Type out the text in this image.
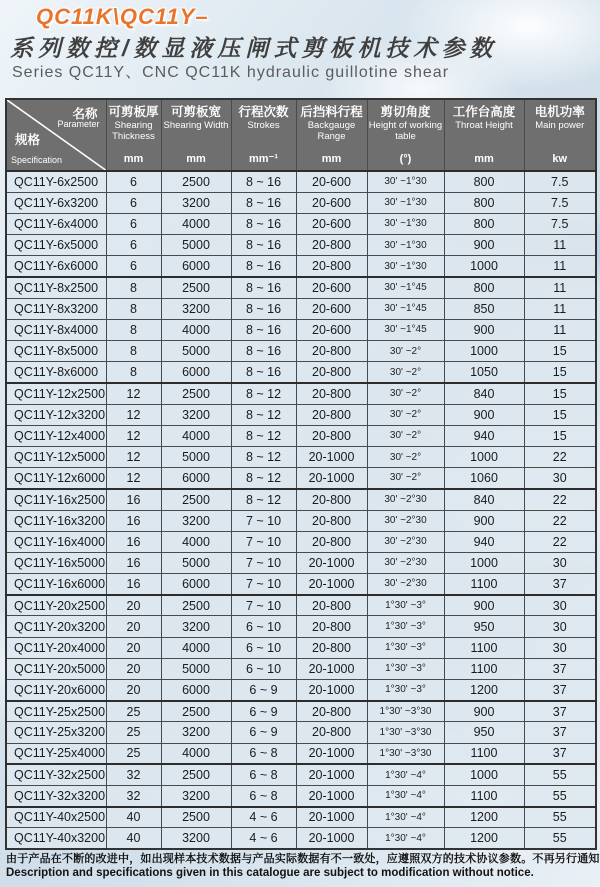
QC11K\QC11Y–
系列数控/数显液压闸式剪板机技术参数
Series QC11Y、CNC QC11K hydraulic guillotine shear
名称
Parameter
规格
Specification

可剪板厚
Shearing Thickness
mm

可剪板宽
Shearing Width
mm

行程次数
Strokes
mm⁻¹

后挡料行程
Backgauge Range
mm

剪切角度
Height of working table
(°)

工作台高度
Throat Height
mm

电机功率
Main power
kw

QC11Y-6x2500	6	2500	8 ~ 16	20-600	30' ~1°30	800	7.5
QC11Y-6x3200	6	3200	8 ~ 16	20-600	30' ~1°30	800	7.5
QC11Y-6x4000	6	4000	8 ~ 16	20-600	30' ~1°30	800	7.5
QC11Y-6x5000	6	5000	8 ~ 16	20-800	30' ~1°30	900	11
QC11Y-6x6000	6	6000	8 ~ 16	20-800	30' ~1°30	1000	11
QC11Y-8x2500	8	2500	8 ~ 16	20-600	30' ~1°45	800	11
QC11Y-8x3200	8	3200	8 ~ 16	20-600	30' ~1°45	850	11
QC11Y-8x4000	8	4000	8 ~ 16	20-600	30' ~1°45	900	11
QC11Y-8x5000	8	5000	8 ~ 16	20-800	30' ~2°	1000	15
QC11Y-8x6000	8	6000	8 ~ 16	20-800	30' ~2°	1050	15
QC11Y-12x2500	12	2500	8 ~ 12	20-800	30' ~2°	840	15
QC11Y-12x3200	12	3200	8 ~ 12	20-800	30' ~2°	900	15
QC11Y-12x4000	12	4000	8 ~ 12	20-800	30' ~2°	940	15
QC11Y-12x5000	12	5000	8 ~ 12	20-1000	30' ~2°	1000	22
QC11Y-12x6000	12	6000	8 ~ 12	20-1000	30' ~2°	1060	30
QC11Y-16x2500	16	2500	8 ~ 12	20-800	30' ~2°30	840	22
QC11Y-16x3200	16	3200	7 ~ 10	20-800	30' ~2°30	900	22
QC11Y-16x4000	16	4000	7 ~ 10	20-800	30' ~2°30	940	22
QC11Y-16x5000	16	5000	7 ~ 10	20-1000	30' ~2°30	1000	30
QC11Y-16x6000	16	6000	7 ~ 10	20-1000	30' ~2°30	1100	37
QC11Y-20x2500	20	2500	7 ~ 10	20-800	1°30' ~3°	900	30
QC11Y-20x3200	20	3200	6 ~ 10	20-800	1°30' ~3°	950	30
QC11Y-20x4000	20	4000	6 ~ 10	20-800	1°30' ~3°	1100	30
QC11Y-20x5000	20	5000	6 ~ 10	20-1000	1°30' ~3°	1100	37
QC11Y-20x6000	20	6000	6 ~ 9	20-1000	1°30' ~3°	1200	37
QC11Y-25x2500	25	2500	6 ~ 9	20-800	1°30' ~3°30	900	37
QC11Y-25x3200	25	3200	6 ~ 9	20-800	1°30' ~3°30	950	37
QC11Y-25x4000	25	4000	6 ~ 8	20-1000	1°30' ~3°30	1100	37
QC11Y-32x2500	32	2500	6 ~ 8	20-1000	1°30' ~4°	1000	55
QC11Y-32x3200	32	3200	6 ~ 8	20-1000	1°30' ~4°	1100	55
QC11Y-40x2500	40	2500	4 ~ 6	20-1000	1°30' ~4°	1200	55
QC11Y-40x3200	40	3200	4 ~ 6	20-1000	1°30' ~4°	1200	55
由于产品在不断的改进中，如出现样本技术数据与产品实际数据有不一致处，应遵照双方的技术协议参数。不再另行通知
Description and specifications given in this catalogue are subject to modification without notice.
